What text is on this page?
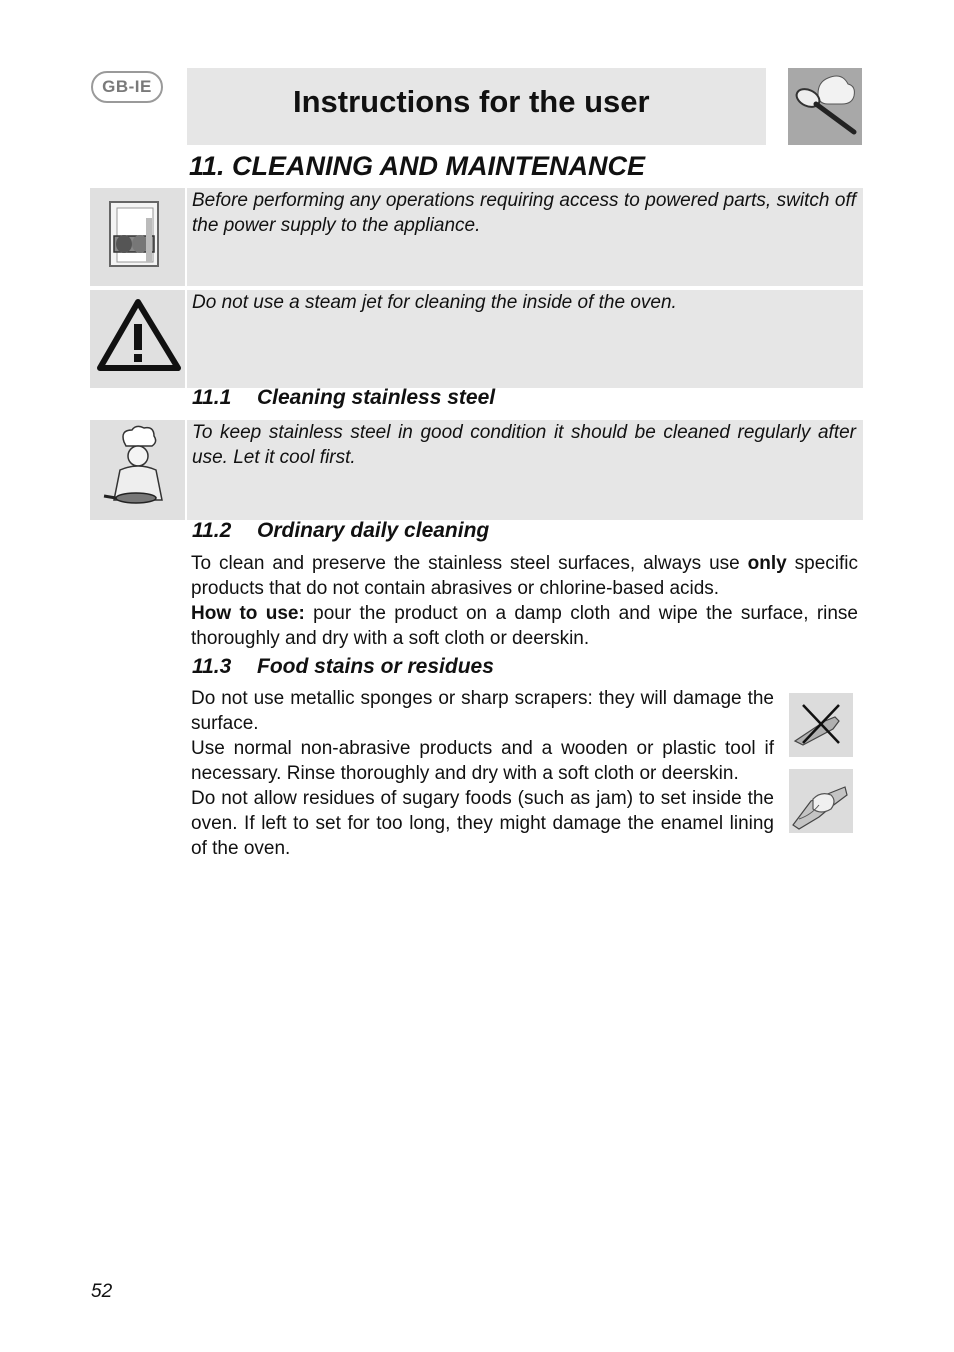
GB-IE	Instructions for the user
11. CLEANING AND MAINTENANCE
Before performing any operations requiring access to powered parts, switch off the power supply to the appliance.
Do not use a steam jet for cleaning the inside of the oven.
11.1 Cleaning stainless steel
To keep stainless steel in good condition it should be cleaned regularly after use. Let it cool first.
11.2 Ordinary daily cleaning

To clean and preserve the stainless steel surfaces, always use only specific products that do not contain abrasives or chlorine-based acids.

How to use: pour the product on a damp cloth and wipe the surface, rinse thoroughly and dry with a soft cloth or deerskin.

11.3 Food stains or residues

Do not use metallic sponges or sharp scrapers: they will damage the surface.

Use normal non-abrasive products and a wooden or plastic tool if necessary. Rinse thoroughly and dry with a soft cloth or deerskin.

Do not allow residues of sugary foods (such as jam) to set inside the oven. If left to set for too long, they might damage the enamel lining of the oven.

52
